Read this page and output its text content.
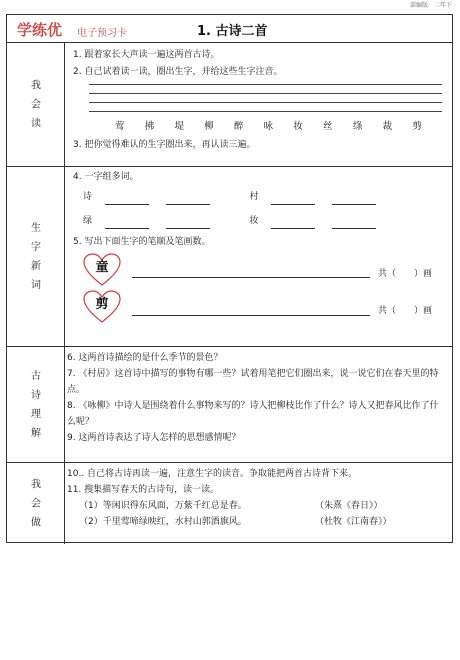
部编版　二年下
学练优 电子预习卡	1. 古诗二首
我
会
读
1. 跟着家长大声读一遍这两首古诗。
2. 自己试着读一读，圈出生字，并给这些生字注音。
莺 拂 堤 柳 醉 咏 妆 丝 绦 裁 剪
3. 把你觉得难认的生字圈出来，再认读三遍。
生
字
新
词
4. 一字组多词。
诗	村
绿	妆
5. 写出下面生字的笔顺及笔画数。
童	共（　　）画
剪	共（　　）画
古
诗
理
解
6. 这两首诗描绘的是什么季节的景色？
7. 《村居》这首诗中描写的事物有哪一些？试着用笔把它们圈出来，说一说它们在春天里的特点。
8. 《咏柳》中诗人是围绕着什么事物来写的？诗人把柳枝比作了什么？诗人又把春风比作了什么呢？
9. 这两首诗表达了诗人怎样的思想感情呢？
我
会
做
10.. 自己将古诗再读一遍，注意生字的读音。争取能把两首古诗背下来。
11. 搜集描写春天的古诗句，读一读。
（1）等闲识得东风面，万紫千红总是春。	（朱熹《春日》）
（2）千里莺啼绿映红，水村山郭酒旗风。	（杜牧《江南春》）
